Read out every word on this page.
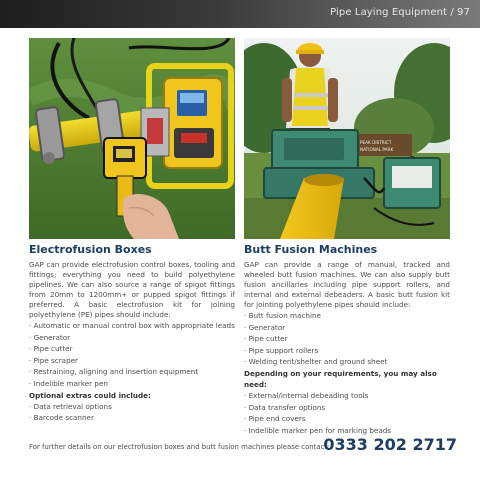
Pipe Laying Equipment / 97
PEAK DISTRICT
NATIONAL PARK
Electrofusion Boxes

GAP can provide electrofusion control boxes, tooling and fittings; everything you need to build polyethylene pipelines. We can also source a range of spigot fittings from 20mm to 1200mm+ or pupped spigot fittings if preferred. A basic electrofusion kit for joining polyethylene (PE) pipes should include:

· Automatic or manual control box with appropriate leads
· Generator
· Pipe cutter
· Pipe scraper
· Restraining, aligning and insertion equipment
· Indelible marker pen
Optional extras could include:
· Data retrieval options
· Barcode scanner
Butt Fusion Machines

GAP can provide a range of manual, tracked and wheeled butt fusion machines. We can also supply butt fusion ancillaries including pipe support rollers, and internal and external debeaders. A basic butt fusion kit for jointing polyethylene pipes should include:

· Butt fusion machine
· Generator
· Pipe cutter
· Pipe support rollers
· Welding tent/shelter and ground sheet
Depending on your requirements, you may also need:
· External/internal debeading tools
· Data transfer options
· Pipe end covers
· Indelible marker pen for marking beads
For further details on our electrofusion boxes and butt fusion machines please contact:
0333 202 2717
